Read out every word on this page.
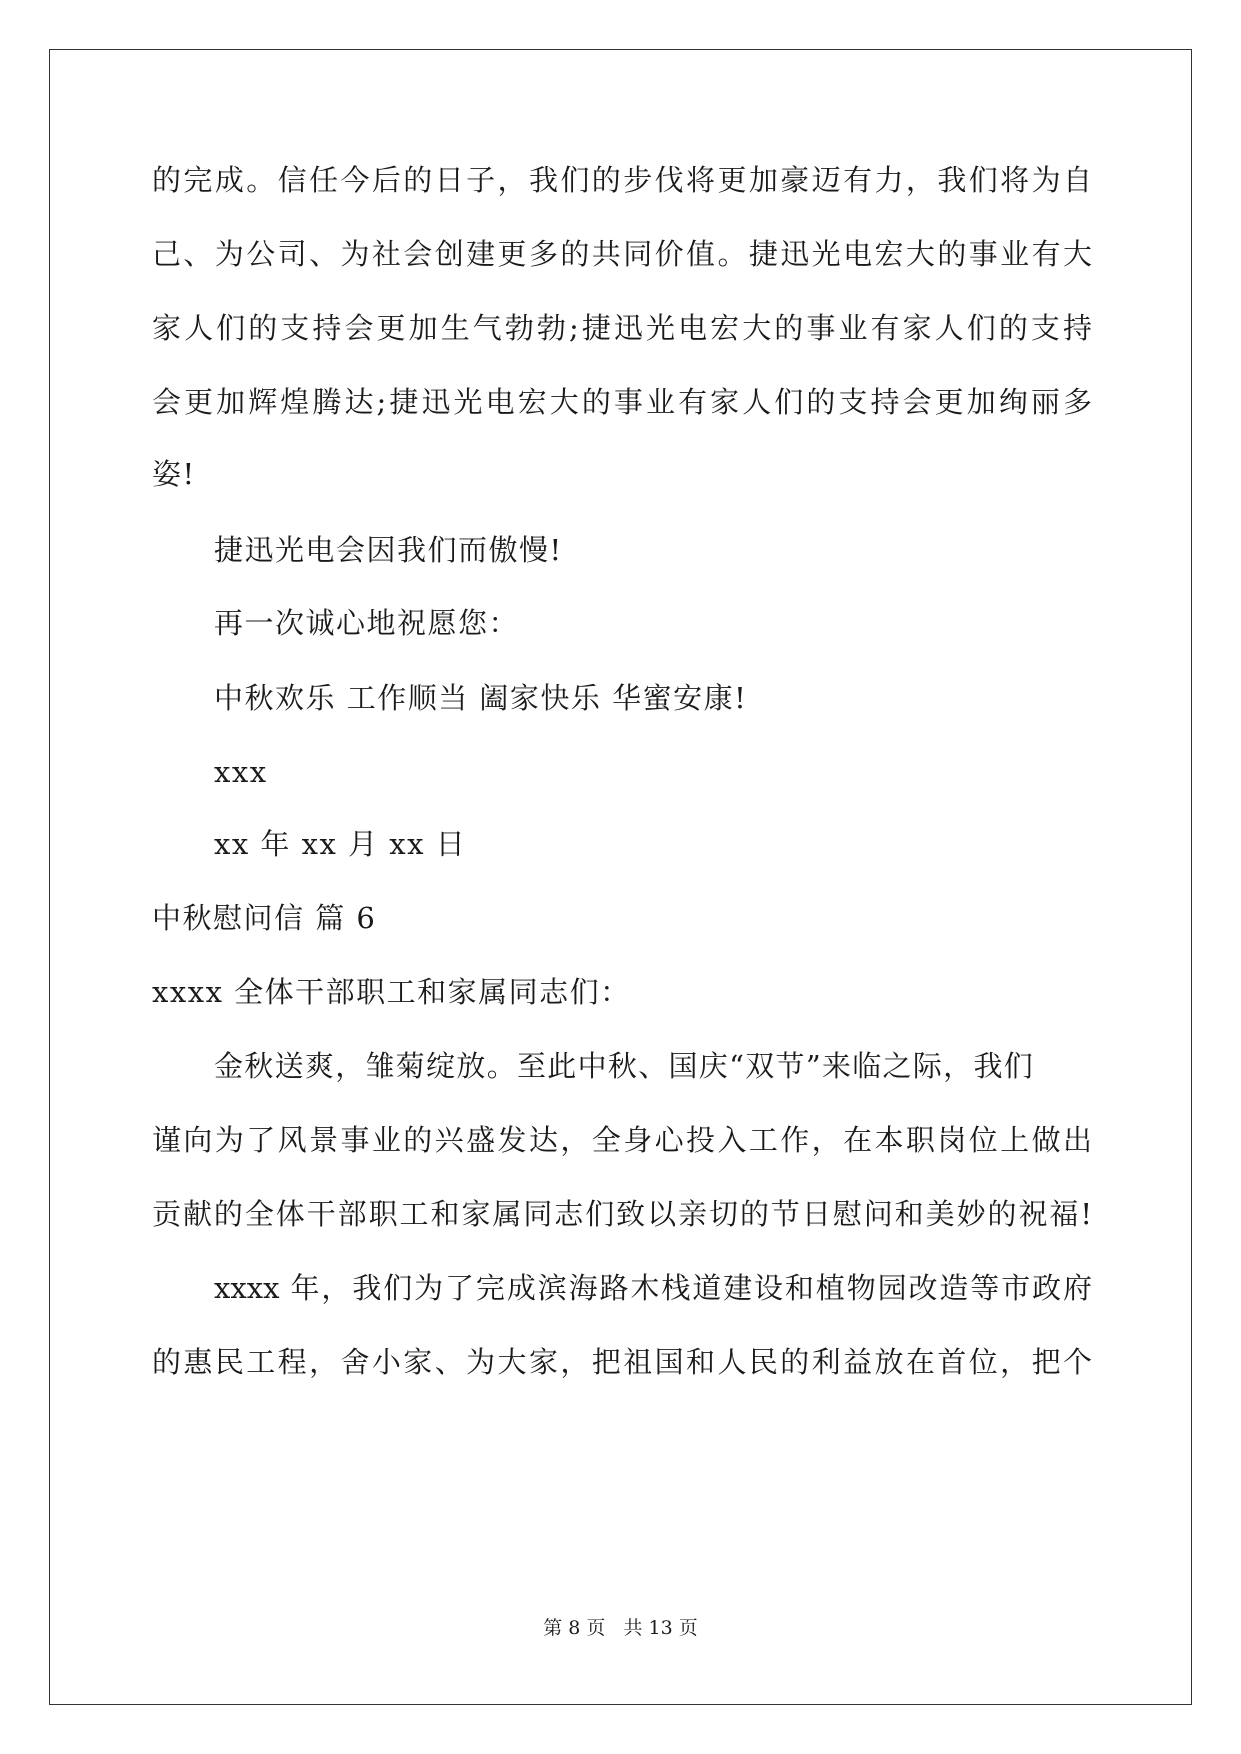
的完成。信任今后的日子，我们的步伐将更加豪迈有力，我们将为自
己、为公司、为社会创建更多的共同价值。捷迅光电宏大的事业有大
家人们的支持会更加生气勃勃;捷迅光电宏大的事业有家人们的支持
会更加辉煌腾达;捷迅光电宏大的事业有家人们的支持会更加绚丽多
姿!
捷迅光电会因我们而傲慢!
再一次诚心地祝愿您：
中秋欢乐 工作顺当 阖家快乐 华蜜安康!
xxx
xx 年 xx 月 xx 日
中秋慰问信 篇 6
xxxx 全体干部职工和家属同志们：
金秋送爽，雏菊绽放。至此中秋、国庆“双节”来临之际，我们
谨向为了风景事业的兴盛发达，全身心投入工作，在本职岗位上做出
贡献的全体干部职工和家属同志们致以亲切的节日慰问和美妙的祝福!
xxxx 年，我们为了完成滨海路木栈道建设和植物园改造等市政府
的惠民工程，舍小家、为大家，把祖国和人民的利益放在首位，把个
第 8 页   共 13 页
